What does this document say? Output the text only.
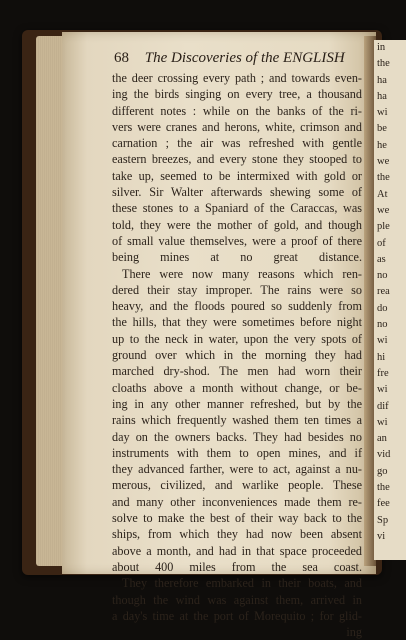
68 The Discoveries of the ENGLISH
the deer crossing every path ; and towards even-
ing the birds singing on every tree, a thousand
different notes : while on the banks of the ri-
vers were cranes and herons, white, crimson and
carnation ; the air was refreshed with gentle
eastern breezes, and every stone they stooped to
take up, seemed to be intermixed with gold or
silver. Sir Walter afterwards shewing some of
these stones to a Spaniard of the Caraccas, was
told, they were the mother of gold, and though
of small value themselves, were a proof of there
being mines at no great distance.
There were now many reasons which ren-
dered their stay improper. The rains were so
heavy, and the floods poured so suddenly from
the hills, that they were sometimes before night
up to the neck in water, upon the very spots of
ground over which in the morning they had
marched dry-shod. The men had worn their
cloaths above a month without change, or be-
ing in any other manner refreshed, but by the
rains which frequently washed them ten times a
day on the owners backs. They had besides no
instruments with them to open mines, and if
they advanced farther, were to act, against a nu-
merous, civilized, and warlike people. These
and many other inconveniences made them re-
solve to make the best of their way back to the
ships, from which they had now been absent
above a month, and had in that space proceeded
about 400 miles from the sea coast.
They therefore embarked in their boats, and
though the wind was against them, arrived in
a day's time at the port of Morequito ; for glid-
ing
in
the
ha
ha
wi
be
he
we
the
At
we
ple
of
as
no
rea
do
no
wi
hi
fre
wi
dif
wi
an
vid
go
the
fee
Sp
vi
